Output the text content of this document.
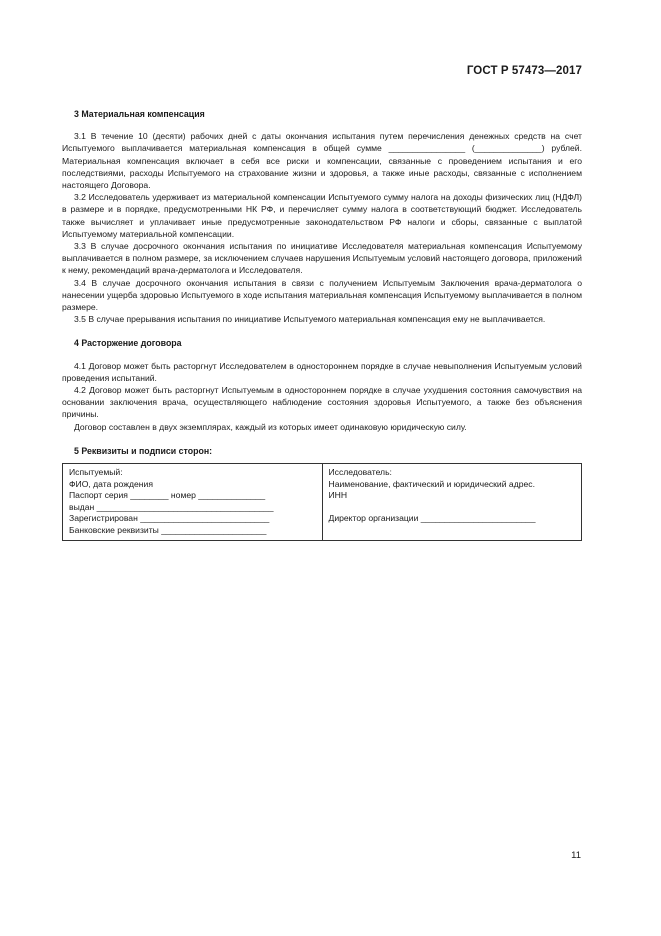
ГОСТ Р 57473—2017
3 Материальная компенсация

3.1 В течение 10 (десяти) рабочих дней с даты окончания испытания путем перечисления денежных средств на счет Испытуемого выплачивается материальная компенсация в общей сумме ________________ (______________) рублей. Материальная компенсация включает в себя все риски и компенсации, связанные с проведением испытания и его последствиями, расходы Испытуемого на страхование жизни и здоровья, а также иные расходы, связанные с исполнением настоящего Договора.

3.2 Исследователь удерживает из материальной компенсации Испытуемого сумму налога на доходы физических лиц (НДФЛ) в размере и в порядке, предусмотренными НК РФ, и перечисляет сумму налога в соответствующий бюджет. Исследователь также вычисляет и уплачивает иные предусмотренные законодательством РФ налоги и сборы, связанные с выплатой Испытуемому материальной компенсации.

3.3 В случае досрочного окончания испытания по инициативе Исследователя материальная компенсация Испытуемому выплачивается в полном размере, за исключением случаев нарушения Испытуемым условий настоящего договора, приложений к нему, рекомендаций врача-дерматолога и Исследователя.

3.4 В случае досрочного окончания испытания в связи с получением Испытуемым Заключения врача-дерматолога о нанесении ущерба здоровью Испытуемого в ходе испытания материальная компенсация Испытуемому выплачивается в полном размере.

3.5 В случае прерывания испытания по инициативе Испытуемого материальная компенсация ему не выплачивается.

4 Расторжение договора

4.1 Договор может быть расторгнут Исследователем в одностороннем порядке в случае невыполнения Испытуемым условий проведения испытаний.

4.2 Договор может быть расторгнут Испытуемым в одностороннем порядке в случае ухудшения состояния самочувствия на основании заключения врача, осуществляющего наблюдение состояния здоровья Испытуемого, а также без объяснения причины.

Договор составлен в двух экземплярах, каждый из которых имеет одинаковую юридическую силу.

5 Реквизиты и подписи сторон:
Испытуемый:
ФИО, дата рождения
Паспорт серия ________ номер ______________
выдан _____________________________________
Зарегистрирован ___________________________
Банковские реквизиты ______________________

Исследователь:
Наименование, фактический и юридический адрес.
ИНН

Директор организации ________________________
11
